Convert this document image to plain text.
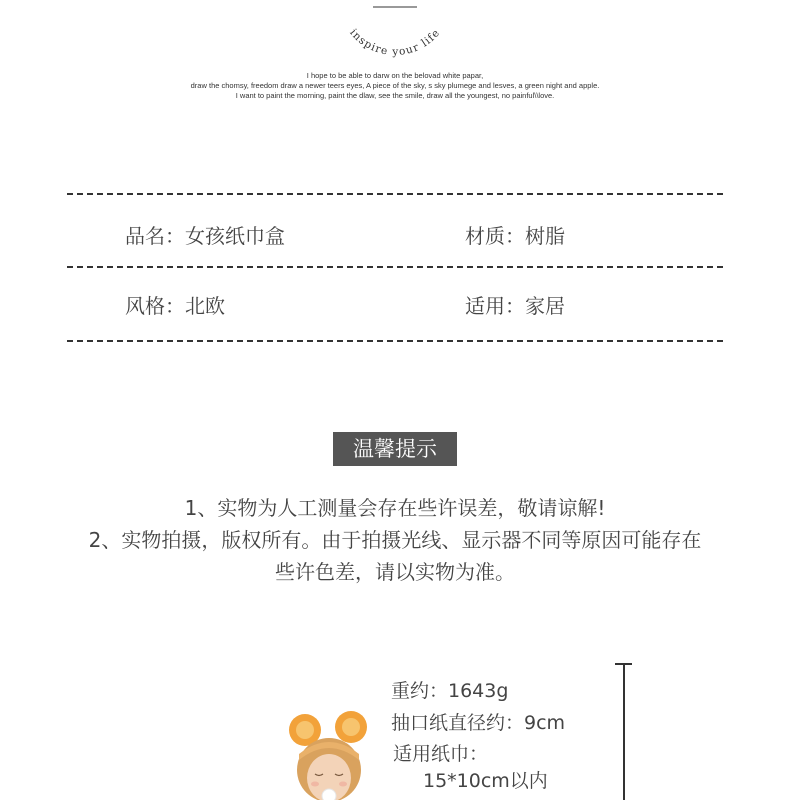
inspire your life
I hope to be able to darw on the belovad white papar,
draw the chomsy, freedom draw a newer teers eyes, A piece of the sky, s sky plumege and lesves, a green night and apple.
I want to paint the morning, paint the dlaw, see the smile, draw all the youngest, no painful\\love.
品名：女孩纸巾盒	材质：树脂
风格：北欧	适用：家居
温馨提示
1、实物为人工测量会存在些许误差，敬请谅解!
2、实物拍摄，版权所有。由于拍摄光线、显示器不同等原因可能存在
些许色差，请以实物为准。
重约：1643g
抽口纸直径约：9cm
适用纸巾：
15*10cm以内
